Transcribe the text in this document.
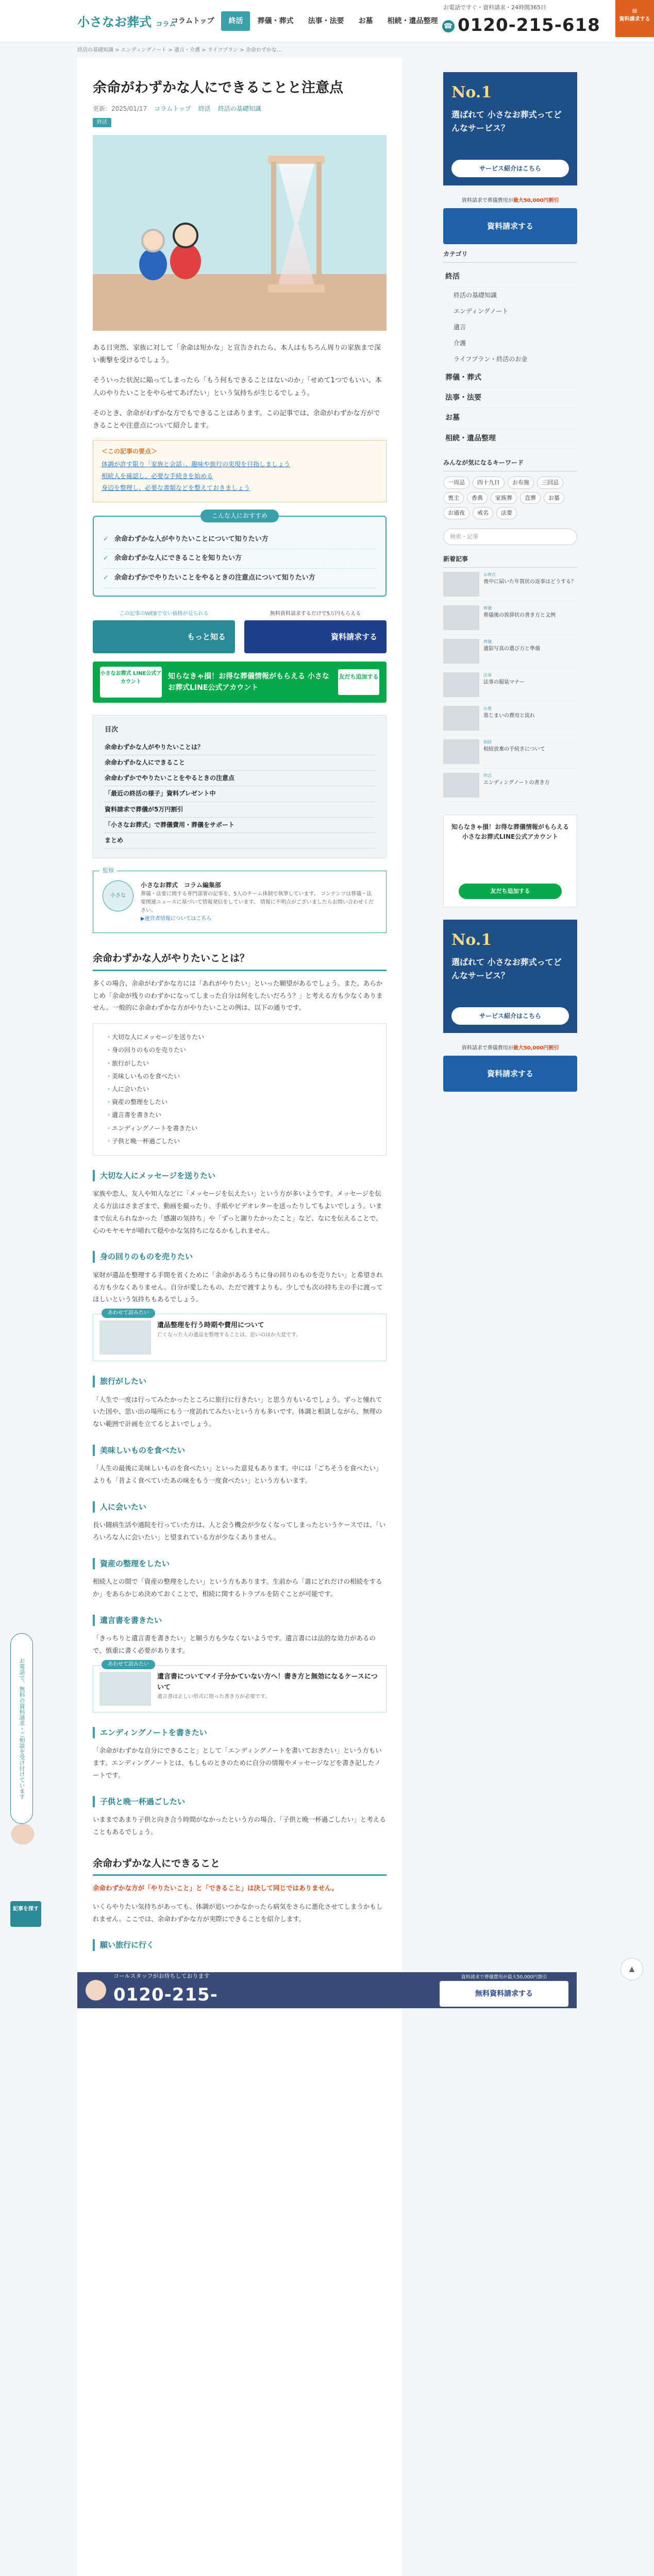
小さなお葬式 コラム
コラムトップ	終活	葬儀・葬式	法事・法要	お墓	相続・遺品整理
お電話ですぐ・資料請求・24時間365日
☎ 0120-215-618
▤
資料請求する
終活の基礎知識 > エンディングノート > 遺言・介護 > ライフプラン > 余命わずかな...
余命がわずかな人にできることと注意点
更新：2025/01/17 コラムトップ 終活 終活の基礎知識
終活

ある日突然、家族に対して「余命は短かな」と宣告されたら、本人はもちろん周りの家族まで深い衝撃を受けるでしょう。

そういった状況に陥ってしまったら「もう何もできることはないのか」「せめて1つでもいい、本人のやりたいことをやらせてあげたい」という気持ちが生じるでしょう。

そのとき、余命がわずかな方でもできることはあります。この記事では、余命がわずかな方ができることや注意点について紹介します。

＜この記事の要点＞
体調が許す限り「家族と会話」、趣味や旅行の実現を目指しましょう
相続人を確認し、必要な手続きを始める
身辺を整理し、必要な書類などを整えておきましょう
こんな人におすすめ
✓ 余命わずかな人がやりたいことについて知りたい方
✓ 余命わずかな人にできることを知りたい方
✓ 余命わずかでやりたいことをやるときの注意点について知りたい方
この記事のWEBで安い価格が見られる
もっと知る
無料資料請求するだけで5万円もらえる
資料請求する
小さなお葬式 LINE公式アカウント
知らなきゃ損！お得な葬儀情報がもらえる 小さなお葬式LINE公式アカウント
友だち追加する
目次
余命わずかな人がやりたいことは？
余命わずかな人にできること
余命わずかでやりたいことをやるときの注意点
「最近の終活の様子」資料プレゼント中
資料請求で葬儀が5万円割引
「小さなお葬式」で葬儀費用・葬儀をサポート
まとめ
監修
小さな
小さなお葬式　コラム編集部
葬儀・法要に関する専門部署の記事を、5人のチーム体制で執筆しています。 コンテンツは葬儀・法要関連ニュースに基づいて情報発信をしています。 情報に不明点がございましたらお問い合わせください。
▶運営者情報についてはこちら
余命わずかな人がやりたいことは？

多くの場合、余命がわずかな方には「あれがやりたい」といった願望があるでしょう。また、あらかじめ「余命が残りのわずかになってしまった自分は何をしたいだろう？」と考える方も少なくありません。一般的に余命わずかな方がやりたいことの例は、以下の通りです。

・ 大切な人にメッセージを送りたい
・ 身の回りのものを売りたい
・ 旅行がしたい
・ 美味しいものを食べたい
・ 人に会いたい
・ 資産の整理をしたい
・ 遺言書を書きたい
・ エンディングノートを書きたい
・ 子供と晩一杯過ごしたい
大切な人にメッセージを送りたい

家族や恋人、友人や知人などに「メッセージを伝えたい」という方が多いようです。メッセージを伝える方法はさまざまで、動画を撮ったり、手紙やビデオレターを送ったりしてもよいでしょう。いままで伝えられなかった「感謝の気持ち」や「ずっと謝りたかったこと」など、なにを伝えることで、心のモヤモヤが晴れて穏やかな気持ちになるかもしれません。

身の回りのものを売りたい

家財が遺品を整理する手間を省くために「余命があるうちに身の回りのものを売りたい」と希望される方も少なくありません。自分が愛したもの、ただで渡すよりも、少しでも次の持ち主の手に渡ってほしいという気持ちもあるでしょう。

あわせて読みたい
遺品整理を行う時期や費用について
亡くなった人の遺品を整理することは、思いのほか大変です。
旅行がしたい

「人生で一度は行ってみたかったところに旅行に行きたい」と思う方もいるでしょう。ずっと憧れていた国や、思い出の場所にもう一度訪れてみたいという方も多いです。体調と相談しながら、無理のない範囲で計画を立てるとよいでしょう。

美味しいものを食べたい

「人生の最後に美味しいものを食べたい」といった意見もあります。中には「ごちそうを食べたい」よりも「昔よく食べていたあの味をもう一度食べたい」という方もいます。

人に会いたい

長い闘病生活や通院を行っていた方は、人と会う機会が少なくなってしまったというケースでは、「いろいろな人に会いたい」と望まれている方が少なくありません。

資産の整理をしたい

相続人との間で「資産の整理をしたい」という方もあります。生前から「誰にどれだけの相続をするか」をあらかじめ決めておくことで、相続に関するトラブルを防ぐことが可能です。

遺言書を書きたい

「きっちりと遺言書を書きたい」と願う方も少なくないようです。遺言書には法的な効力があるので、慎重に書く必要があります。

あわせて読みたい
遺言書についてマイ子分かていない方へ！書き方と無効になるケースについて
遺言書は正しい形式に則った書き方が必要です。
エンディングノートを書きたい

「余命がわずかな自分にできること」として「エンディングノートを書いておきたい」という方もいます。エンディングノートとは、もしものときのために自分の情報やメッセージなどを書き記したノートです。

子供と晩一杯過ごしたい

いままであまり子供と向き合う時間がなかったという方の場合、「子供と晩一杯過ごしたい」と考えることもあるでしょう。

余命わずかな人にできること

余命わずかな方が「やりたいこと」と「できること」は決して同じではありません。

いくらやりたい気持ちがあっても、体調が追いつかなかったら病気をさらに悪化させてしまうかもしれません。ここでは、余命わずかな方が実際にできることを紹介します。

願い旅行に行く
No.1
選ばれて 小さなお葬式ってどんなサービス？
サービス紹介はこちら
資料請求で葬儀費用が最大50,000円割引
資料請求する
カテゴリ
終活
終活の基礎知識
エンディングノート
遺言
介護
ライフプラン・終活のお金
葬儀・葬式
法事・法要
お墓
相続・遺品整理
みんなが気になるキーワード
一周忌	四十九日	お布施	三回忌
喪主	香典	家族葬	直葬	お墓
お通夜	戒名	法要
検索・記事
新着記事
お葬式
喪中に届いた年賀状の返事はどうする？
葬儀
葬儀後の挨拶状の書き方と文例
葬儀
遺影写真の選び方と準備
法事
法事の服装マナー
お墓
墓じまいの費用と流れ
相続
相続放棄の手続きについて
終活
エンディングノートの書き方
知らなきゃ損！お得な葬儀情報がもらえる 小さなお葬式LINE公式アカウント
友だち追加する
No.1
選ばれて 小さなお葬式ってどんなサービス？
サービス紹介はこちら
資料請求で葬儀費用が最大50,000円割引
資料請求する
お電話で、無料の資料請求・ご相談を受け付けています
記事を探す
▲
コールスタッフがお待ちしております
0120-215-
資料請求で葬儀費用が最大50,000円割引
無料資料請求する
